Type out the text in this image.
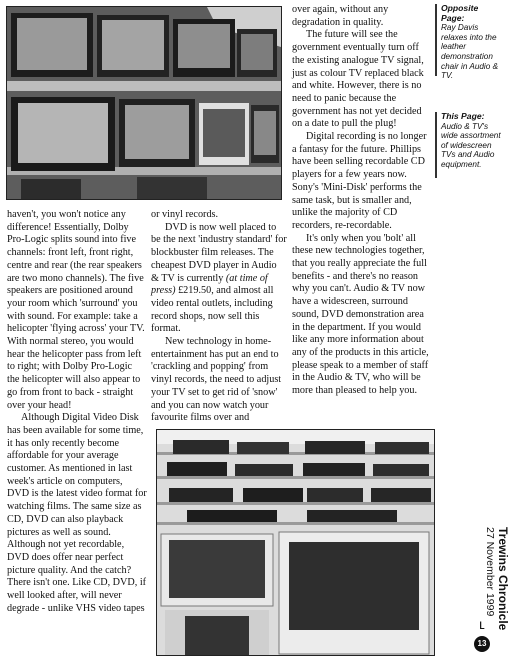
haven't, you won't notice any difference! Essentially, Dolby Pro-Logic splits sound into five channels: front left, front right, centre and rear (the rear speakers are two mono channels). The five speakers are positioned around your room which 'surround' you with sound. For example: take a helicopter 'flying across' your TV. With normal stereo, you would hear the helicopter pass from left to right; with Dolby Pro-Logic the helicopter will also appear to go from front to back - straight over your head!

Although Digital Video Disk has been available for some time, it has only recently become affordable for your average customer. As mentioned in last week's article on computers, DVD is the latest video format for watching films. The same size as CD, DVD can also playback pictures as well as sound. Although not yet recordable, DVD does offer near perfect picture quality. And the catch? There isn't one. Like CD, DVD, if well looked after, will never degrade - unlike VHS video tapes

or vinyl records.

DVD is now well placed to be the next 'industry standard' for blockbuster film releases. The cheapest DVD player in Audio & TV is currently (at time of press) £219.50, and almost all video rental outlets, including record shops, now sell this format.

New technology in home-entertainment has put an end to 'crackling and popping' from vinyl records, the need to adjust your TV set to get rid of 'snow' and you can now watch your favourite films over and

over again, without any degradation in quality.

The future will see the government eventually turn off the existing analogue TV signal, just as colour TV replaced black and white. However, there is no need to panic because the government has not yet decided on a date to pull the plug!

Digital recording is no longer a fantasy for the future. Phillips have been selling recordable CD players for a few years now. Sony's 'Mini-Disk' performs the same task, but is smaller and, unlike the majority of CD recorders, re-recordable.

It's only when you 'bolt' all these new technologies together, that you really appreciate the full benefits - and there's no reason why you can't. Audio & TV now have a widescreen, surround sound, DVD demonstration area in the department. If you would like any more information about any of the products in this article, please speak to a member of staff in the Audio & TV, who will be more than pleased to help you.

Opposite Page:
Ray Davis relaxes into the leather demonstration chair in Audio & TV.
This Page:
Audio & TV's wide assortment of widescreen TVs and Audio equipment.
Trewins Chronicle
27 November 1999
ʟ
13
